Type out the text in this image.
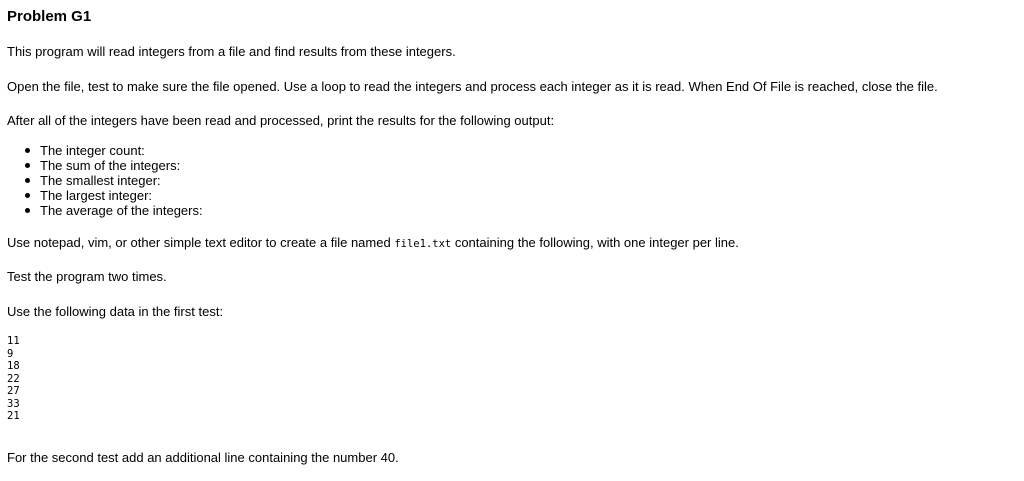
Problem G1

This program will read integers from a file and find results from these integers.

Open the file, test to make sure the file opened. Use a loop to read the integers and process each integer as it is read. When End Of File is reached, close the file.

After all of the integers have been read and processed, print the results for the following output:

The integer count:
The sum of the integers:
The smallest integer:
The largest integer:
The average of the integers:

Use notepad, vim, or other simple text editor to create a file named file1.txt containing the following, with one integer per line.

Test the program two times.

Use the following data in the first test:

11
9
18
22
27
33
21

For the second test add an additional line containing the number 40.
